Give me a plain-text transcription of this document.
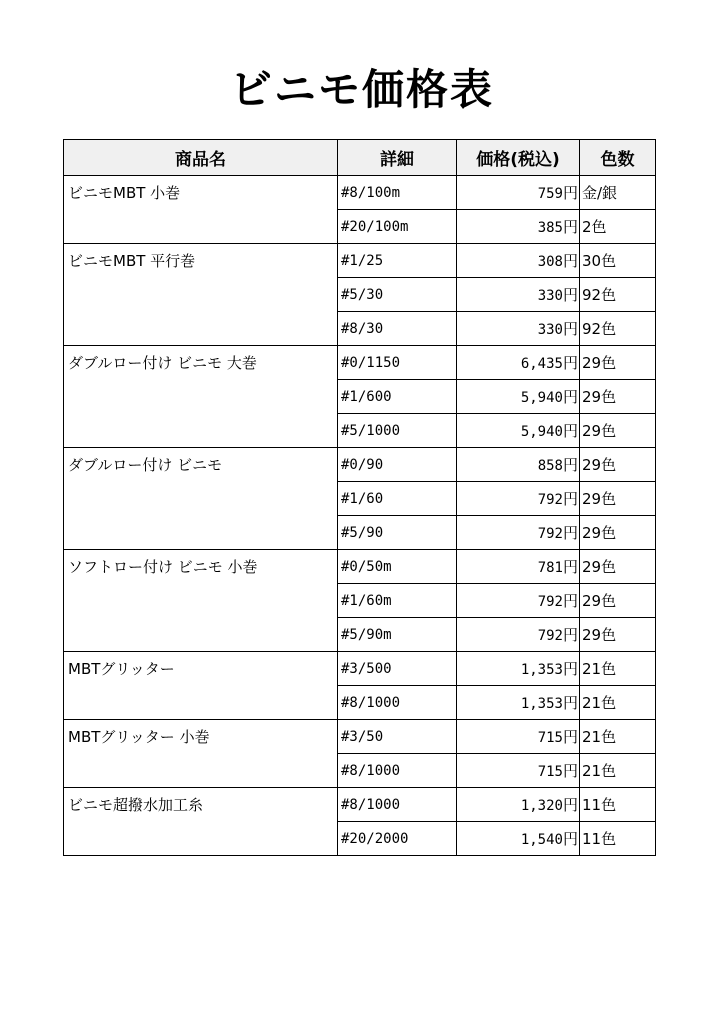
ビニモ価格表
商品名	詳細	価格(税込)	色数
ビニモMBT 小巻	#8/100m	759円	金/銀
	#20/100m	385円	2色
ビニモMBT 平行巻	#1/25	308円	30色
	#5/30	330円	92色
	#8/30	330円	92色
ダブルロー付け ビニモ 大巻	#0/1150	6,435円	29色
	#1/600	5,940円	29色
	#5/1000	5,940円	29色
ダブルロー付け ビニモ	#0/90	858円	29色
	#1/60	792円	29色
	#5/90	792円	29色
ソフトロー付け ビニモ 小巻	#0/50m	781円	29色
	#1/60m	792円	29色
	#5/90m	792円	29色
MBTグリッター	#3/500	1,353円	21色
	#8/1000	1,353円	21色
MBTグリッター 小巻	#3/50	715円	21色
	#8/1000	715円	21色
ビニモ超撥水加工糸	#8/1000	1,320円	11色
	#20/2000	1,540円	11色
